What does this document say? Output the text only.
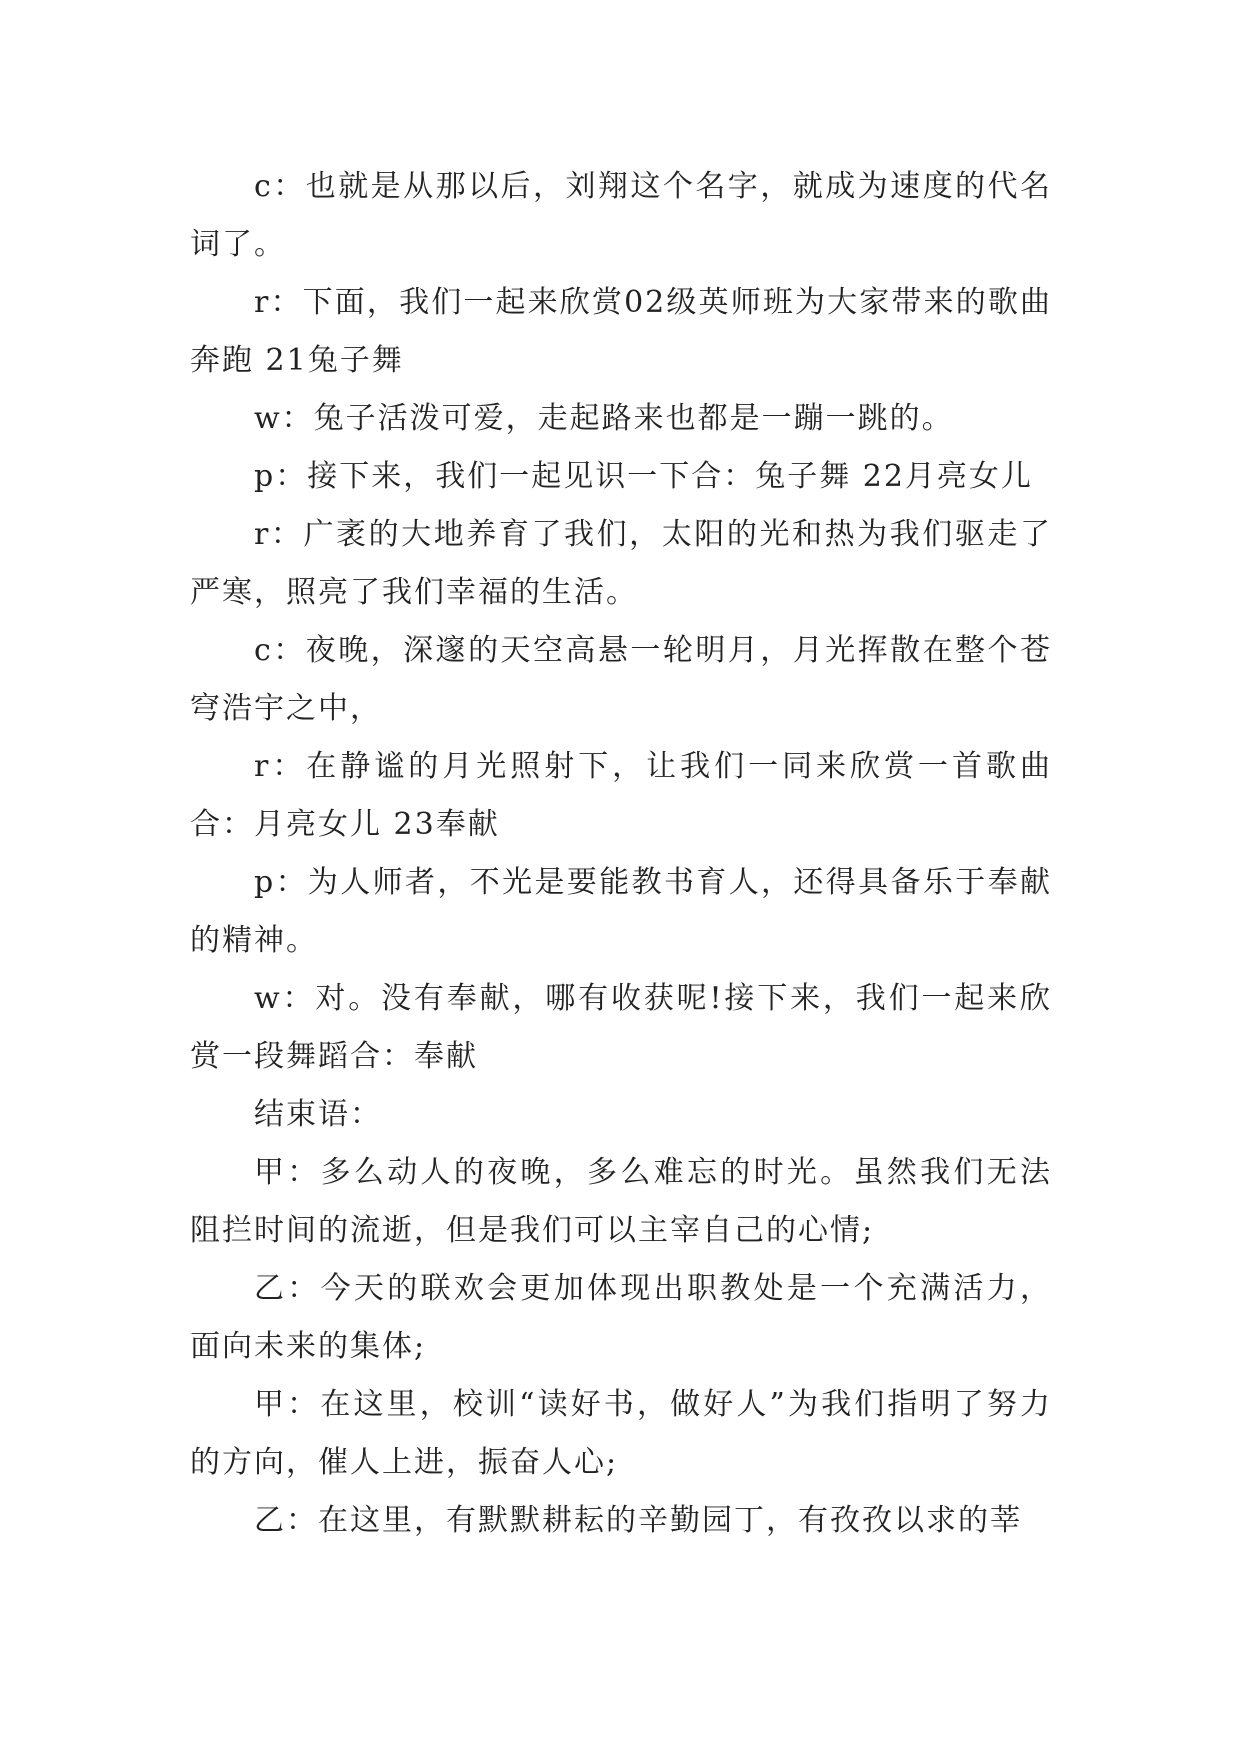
c：也就是从那以后，刘翔这个名字，就成为速度的代名词了。

r：下面，我们一起来欣赏02级英师班为大家带来的歌曲 奔跑 21兔子舞

w：兔子活泼可爱，走起路来也都是一蹦一跳的。

p：接下来，我们一起见识一下合：兔子舞 22月亮女儿

r：广袤的大地养育了我们，太阳的光和热为我们驱走了严寒，照亮了我们幸福的生活。

c：夜晚，深邃的天空高悬一轮明月，月光挥散在整个苍穹浩宇之中，

r：在静谧的月光照射下，让我们一同来欣赏一首歌曲合：月亮女儿 23奉献

p：为人师者，不光是要能教书育人，还得具备乐于奉献的精神。

w：对。没有奉献，哪有收获呢!接下来，我们一起来欣赏一段舞蹈合：奉献

结束语：

甲：多么动人的夜晚，多么难忘的时光。虽然我们无法阻拦时间的流逝，但是我们可以主宰自己的心情;

乙：今天的联欢会更加体现出职教处是一个充满活力，面向未来的集体;

甲：在这里，校训“读好书，做好人”为我们指明了努力的方向，催人上进，振奋人心;

乙：在这里，有默默耕耘的辛勤园丁，有孜孜以求的莘
